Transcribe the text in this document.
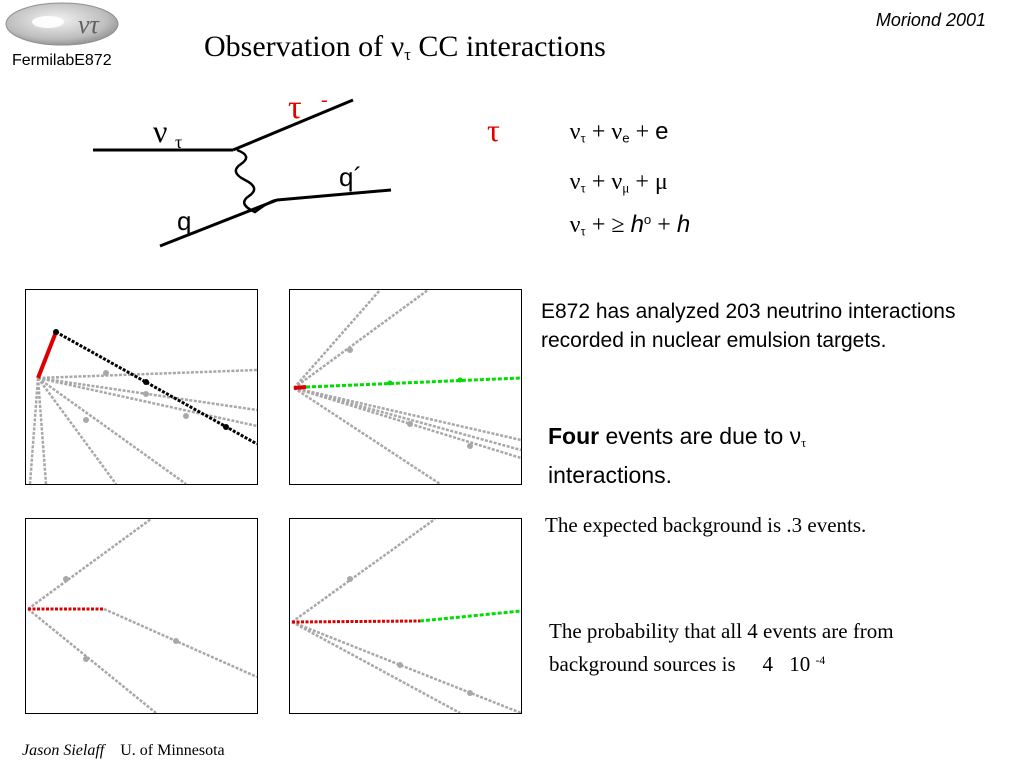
ντ
FermilabE872
Moriond 2001
Observation of $\nu_\tau$ CC interactions
ν τ
τ -
q´
q
τ $\nu_\tau + \nu_e + e$
$\nu_\tau + \nu_\mu + \mu$
$\nu_\tau$ + ≥ $h^o + h$
E872 has analyzed 203 neutrino interactions recorded in nuclear emulsion targets.
Four events are due to $\nu_\tau$
interactions.
The expected background is .3 events.
The probability that all 4 events are from
background sources is 4 10 $^{-4}$
Jason Sielaff U. of Minnesota
